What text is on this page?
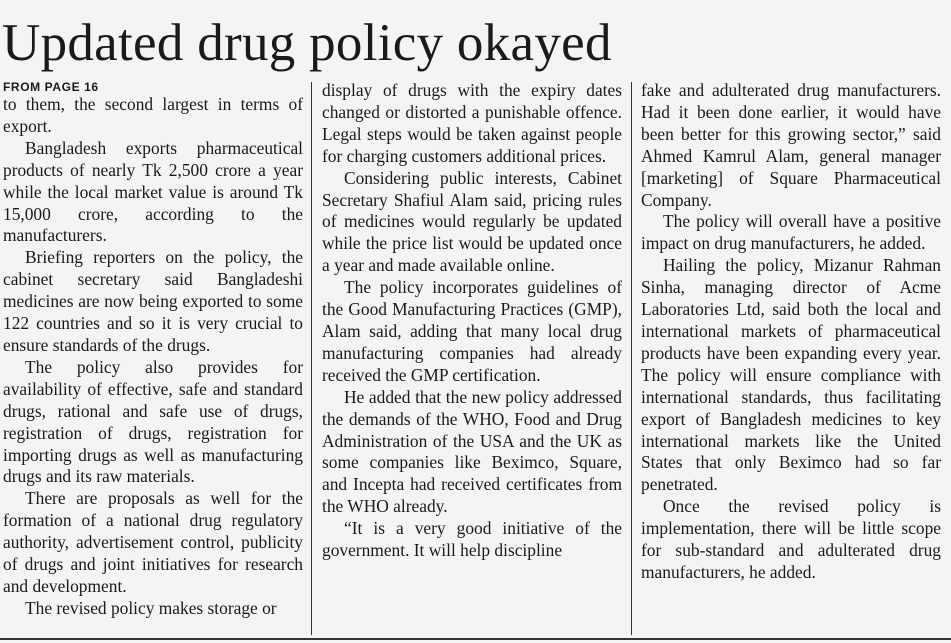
Updated drug policy okayed
FROM PAGE 16

to them, the second largest in terms of export.

Bangladesh exports pharmaceutical products of nearly Tk 2,500 crore a year while the local market value is around Tk 15,000 crore, according to the manufacturers.

Briefing reporters on the policy, the cabinet secretary said Bangladeshi medicines are now being exported to some 122 countries and so it is very crucial to ensure standards of the drugs.

The policy also provides for availability of effective, safe and standard drugs, rational and safe use of drugs, registration of drugs, registration for importing drugs as well as manufacturing drugs and its raw materials.

There are proposals as well for the formation of a national drug regulatory authority, advertisement control, publicity of drugs and joint initiatives for research and development.

The revised policy makes storage or

display of drugs with the expiry dates changed or distorted a punishable offence. Legal steps would be taken against people for charging customers additional prices.

Considering public interests, Cabinet Secretary Shafiul Alam said, pricing rules of medicines would regularly be updated while the price list would be updated once a year and made available online.

The policy incorporates guidelines of the Good Manufacturing Practices (GMP), Alam said, adding that many local drug manufacturing companies had already received the GMP certification.

He added that the new policy addressed the demands of the WHO, Food and Drug Administration of the USA and the UK as some companies like Beximco, Square, and Incepta had received certificates from the WHO already.

“It is a very good initiative of the government. It will help discipline

fake and adulterated drug manufacturers. Had it been done earlier, it would have been better for this growing sector,” said Ahmed Kamrul Alam, general manager [marketing] of Square Pharmaceutical Company.

The policy will overall have a positive impact on drug manufacturers, he added.

Hailing the policy, Mizanur Rahman Sinha, managing director of Acme Laboratories Ltd, said both the local and international markets of pharmaceutical products have been expanding every year. The policy will ensure compliance with international standards, thus facilitating export of Bangladesh medicines to key international markets like the United States that only Beximco had so far penetrated.

Once the revised policy is implementation, there will be little scope for sub-standard and adulterated drug manufacturers, he added.
